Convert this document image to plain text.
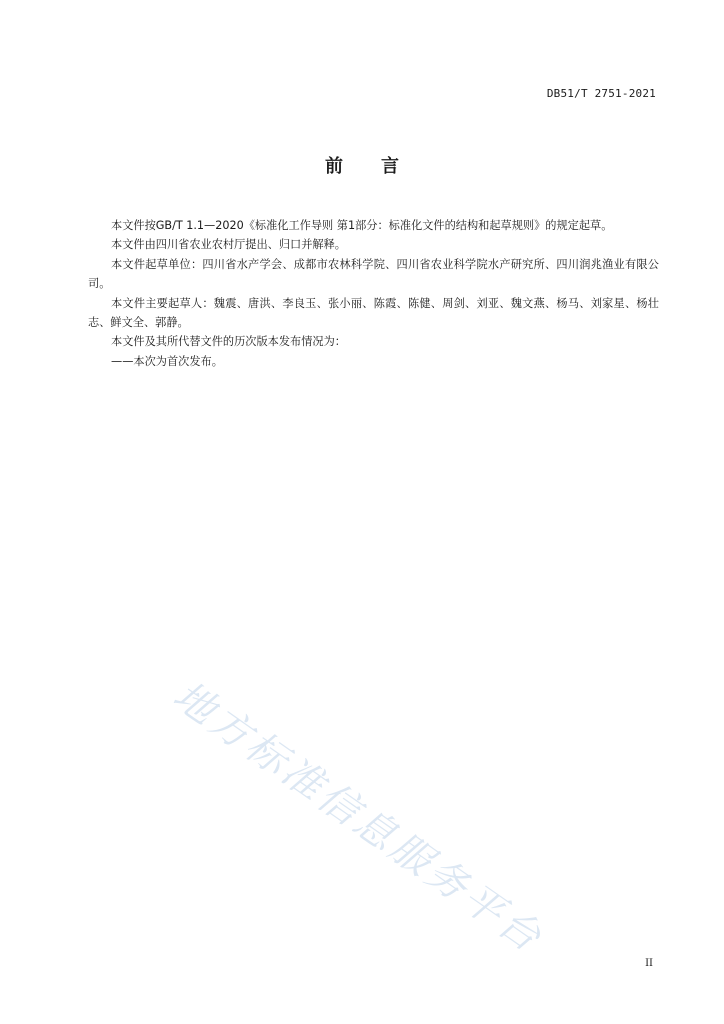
DB51/T 2751-2021
前 言

本文件按GB/T 1.1—2020《标准化工作导则 第1部分：标准化文件的结构和起草规则》的规定起草。

本文件由四川省农业农村厅提出、归口并解释。

本文件起草单位：四川省水产学会、成都市农林科学院、四川省农业科学院水产研究所、四川润兆渔业有限公司。

本文件主要起草人：魏震、唐洪、李良玉、张小丽、陈霞、陈健、周剑、刘亚、魏文燕、杨马、刘家星、杨壮志、鲜文全、郭静。

本文件及其所代替文件的历次版本发布情况为：

——本次为首次发布。

地方标准信息服务平台
II
